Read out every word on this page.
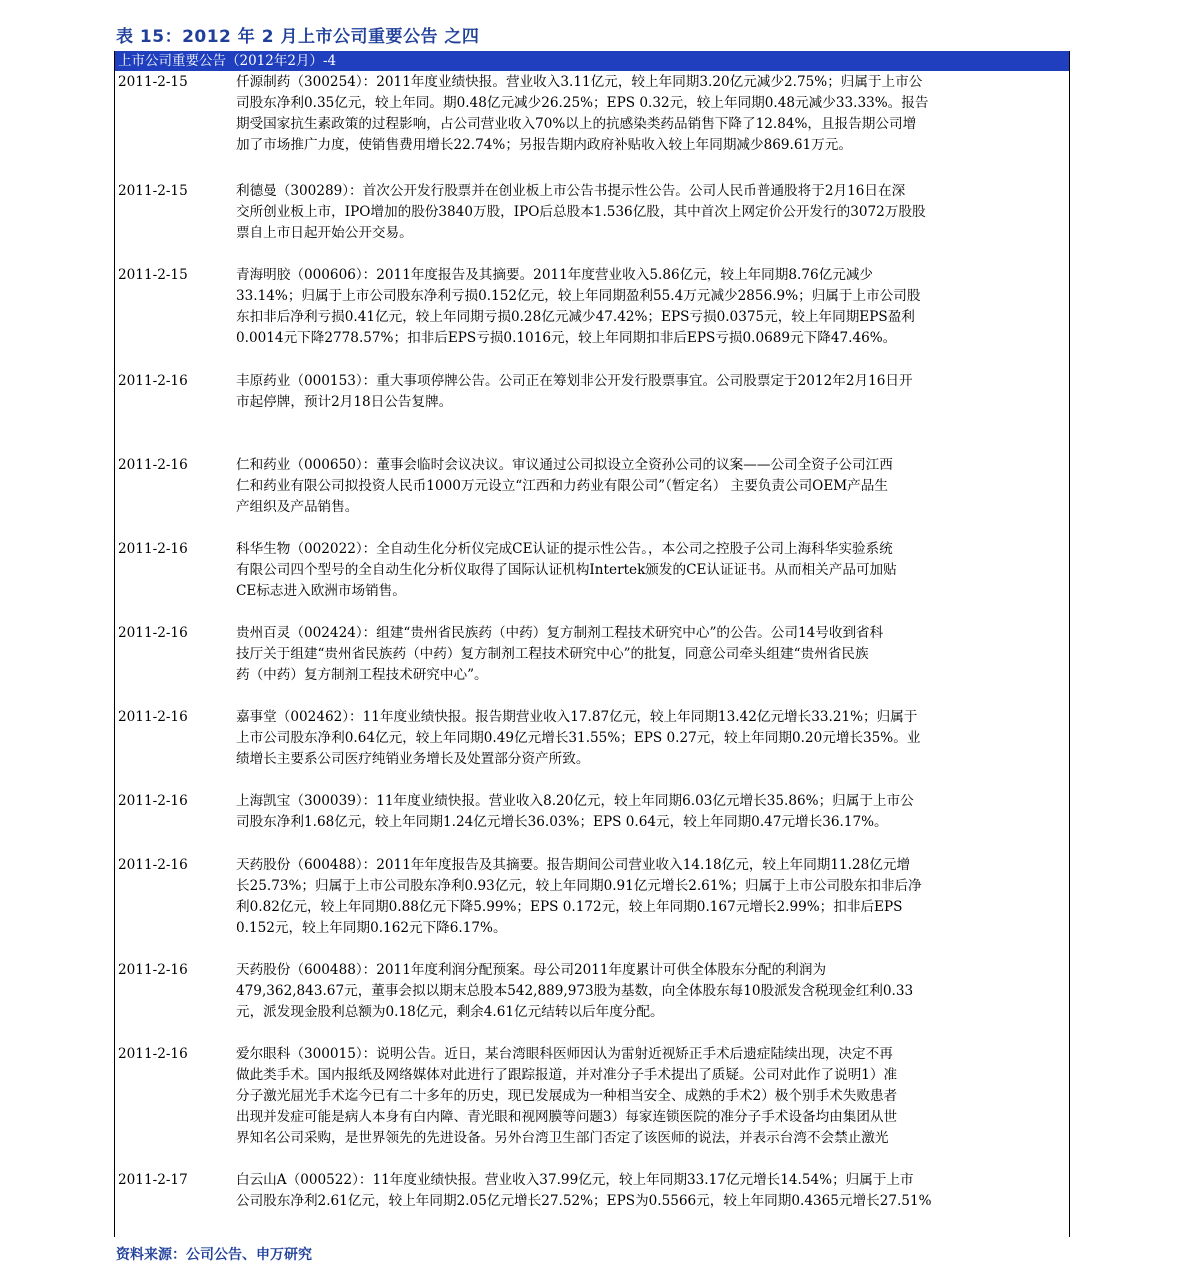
表 15：2012 年 2 月上市公司重要公告 之四
上市公司重要公告（2012年2月）-4
2011-2-15	仟源制药（300254）：2011年度业绩快报。营业收入3.11亿元，较上年同期3.20亿元减少2.75%；归属于上市公
司股东净利0.35亿元，较上年同。期0.48亿元减少26.25%；EPS 0.32元，较上年同期0.48元减少33.33%。报告
期受国家抗生素政策的过程影响，占公司营业收入70%以上的抗感染类药品销售下降了12.84%，且报告期公司增
加了市场推广力度，使销售费用增长22.74%；另报告期内政府补贴收入较上年同期减少869.61万元。
2011-2-15	利德曼（300289）：首次公开发行股票并在创业板上市公告书提示性公告。公司人民币普通股将于2月16日在深
交所创业板上市，IPO增加的股份3840万股，IPO后总股本1.536亿股，其中首次上网定价公开发行的3072万股股
票自上市日起开始公开交易。
2011-2-15	青海明胶（000606）：2011年度报告及其摘要。2011年度营业收入5.86亿元，较上年同期8.76亿元减少
33.14%；归属于上市公司股东净利亏损0.152亿元，较上年同期盈利55.4万元减少2856.9%；归属于上市公司股
东扣非后净利亏损0.41亿元，较上年同期亏损0.28亿元减少47.42%；EPS亏损0.0375元，较上年同期EPS盈利
0.0014元下降2778.57%；扣非后EPS亏损0.1016元，较上年同期扣非后EPS亏损0.0689元下降47.46%。
2011-2-16	丰原药业（000153）：重大事项停牌公告。公司正在筹划非公开发行股票事宜。公司股票定于2012年2月16日开
市起停牌，预计2月18日公告复牌。
2011-2-16	仁和药业（000650）：董事会临时会议决议。审议通过公司拟设立全资孙公司的议案——公司全资子公司江西
仁和药业有限公司拟投资人民币1000万元设立“江西和力药业有限公司”（暂定名） 主要负责公司OEM产品生
产组织及产品销售。
2011-2-16	科华生物（002022）：全自动生化分析仪完成CE认证的提示性公告。，本公司之控股子公司上海科华实验系统
有限公司四个型号的全自动生化分析仪取得了国际认证机构Intertek颁发的CE认证证书。从而相关产品可加贴
CE标志进入欧洲市场销售。
2011-2-16	贵州百灵（002424）：组建“贵州省民族药（中药）复方制剂工程技术研究中心”的公告。公司14号收到省科
技厅关于组建“贵州省民族药（中药）复方制剂工程技术研究中心”的批复，同意公司牵头组建“贵州省民族
药（中药）复方制剂工程技术研究中心”。
2011-2-16	嘉事堂（002462）：11年度业绩快报。报告期营业收入17.87亿元，较上年同期13.42亿元增长33.21%；归属于
上市公司股东净利0.64亿元，较上年同期0.49亿元增长31.55%；EPS 0.27元，较上年同期0.20元增长35%。业
绩增长主要系公司医疗纯销业务增长及处置部分资产所致。
2011-2-16	上海凯宝（300039）：11年度业绩快报。营业收入8.20亿元，较上年同期6.03亿元增长35.86%；归属于上市公
司股东净利1.68亿元，较上年同期1.24亿元增长36.03%；EPS 0.64元，较上年同期0.47元增长36.17%。
2011-2-16	天药股份（600488）：2011年年度报告及其摘要。报告期间公司营业收入14.18亿元，较上年同期11.28亿元增
长25.73%；归属于上市公司股东净利0.93亿元，较上年同期0.91亿元增长2.61%；归属于上市公司股东扣非后净
利0.82亿元，较上年同期0.88亿元下降5.99%；EPS 0.172元，较上年同期0.167元增长2.99%；扣非后EPS
0.152元，较上年同期0.162元下降6.17%。
2011-2-16	天药股份（600488）：2011年度利润分配预案。母公司2011年度累计可供全体股东分配的利润为
479,362,843.67元，董事会拟以期末总股本542,889,973股为基数，向全体股东每10股派发含税现金红利0.33
元，派发现金股利总额为0.18亿元，剩余4.61亿元结转以后年度分配。
2011-2-16	爱尔眼科（300015）：说明公告。近日，某台湾眼科医师因认为雷射近视矫正手术后遗症陆续出现，决定不再
做此类手术。国内报纸及网络媒体对此进行了跟踪报道，并对准分子手术提出了质疑。公司对此作了说明1）准
分子激光屈光手术迄今已有二十多年的历史，现已发展成为一种相当安全、成熟的手术2）极个别手术失败患者
出现并发症可能是病人本身有白内障、青光眼和视网膜等问题3）每家连锁医院的准分子手术设备均由集团从世
界知名公司采购，是世界领先的先进设备。另外台湾卫生部门否定了该医师的说法，并表示台湾不会禁止激光
2011-2-17	白云山A（000522）：11年度业绩快报。营业收入37.99亿元，较上年同期33.17亿元增长14.54%；归属于上市
公司股东净利2.61亿元，较上年同期2.05亿元增长27.52%；EPS为0.5566元，较上年同期0.4365元增长27.51%
资料来源：公司公告、申万研究
